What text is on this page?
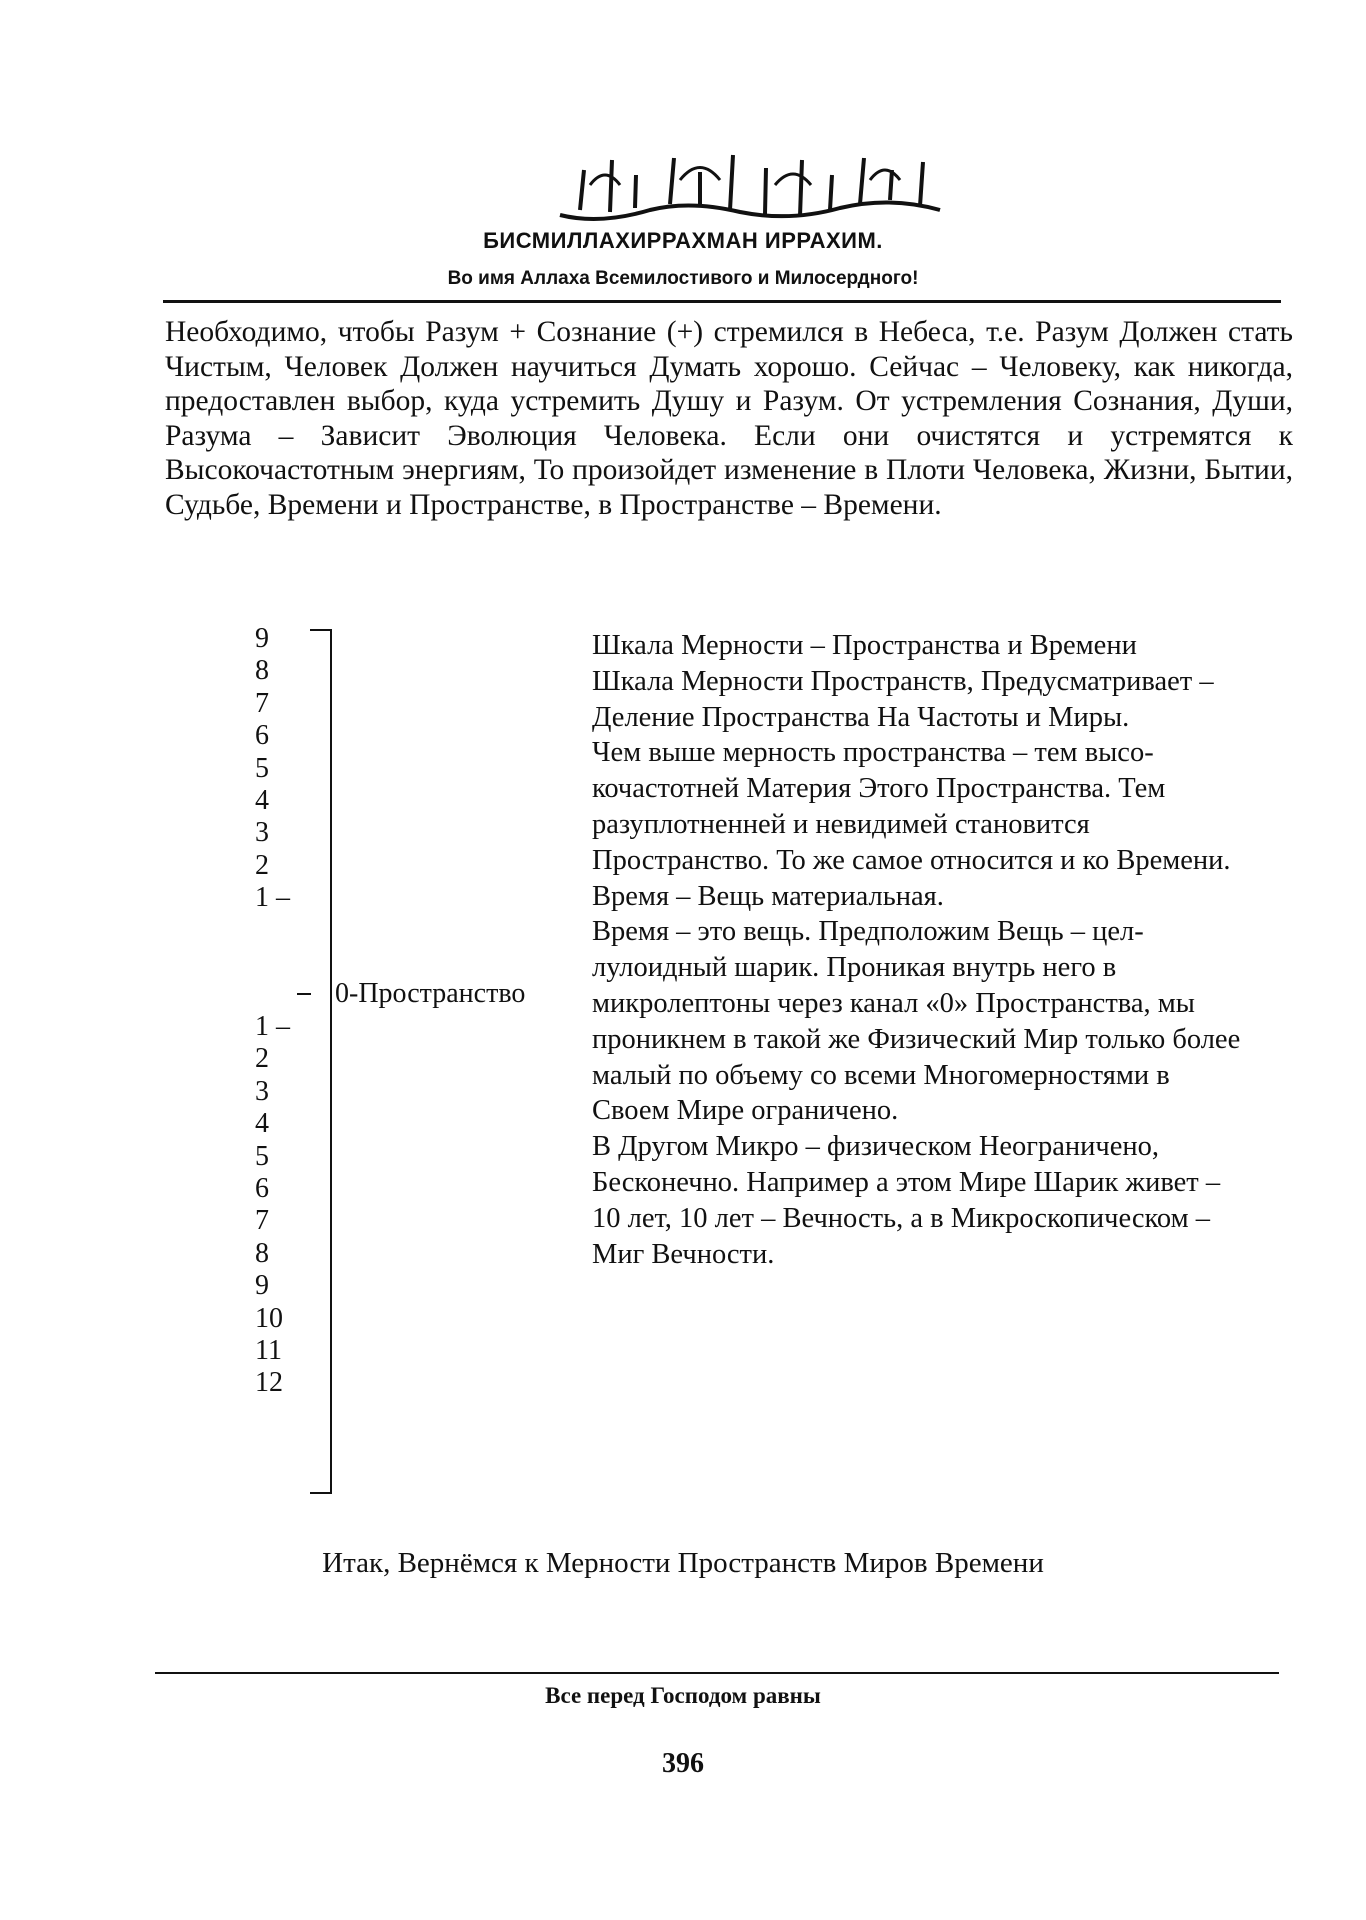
БИСМИЛЛАХИРРАХМАН ИРРАХИМ.
Во имя Аллаха Всемилостивого и Милосердного!
Необходимо, чтобы Разум + Сознание (+) стремился в Небеса, т.е. Разум Должен стать Чистым, Человек Должен научиться Думать хорошо. Сейчас – Человеку, как никогда, предоставлен выбор, куда устремить Душу и Разум. От устремления Сознания, Души, Разума – Зависит Эволюция Человека. Если они очистятся и устремятся к Высокочастотным энергиям, То произойдет изменение в Плоти Человека, Жизни, Бытии, Судьбе, Времени и Пространстве, в Пространстве – Времени.
0-Пространство
9
8
7
6
5
4
3
2
1 –
1 –
2
3
4
5
6
7
8
9
10
11
12

Шкала Мерности – Пространства и Времени

Шкала Мерности Пространств, Предусматривает – Деление Пространства На Частоты и Миры.

Чем выше мерность пространства – тем высокочастотней Материя Этого Пространства. Тем разуплотненней и невидимей становится Пространство. То же самое относится и ко Времени. Время – Вещь материальная.

Время – это вещь. Предположим Вещь – целлулоидный шарик. Проникая внутрь него в микролептоны через канал «0» Пространства, мы проникнем в такой же Физический Мир только более малый по объему со всеми Многомерностями в Своем Мире ограничено.

В Другом Микро – физическом Неограничено, Бесконечно. Например а этом Мире Шарик живет – 10 лет, 10 лет – Вечность, а в Микроскопическом – Миг Вечности.

Итак, Вернёмся к Мерности Пространств Миров Времени
Все перед Господом равны
396
